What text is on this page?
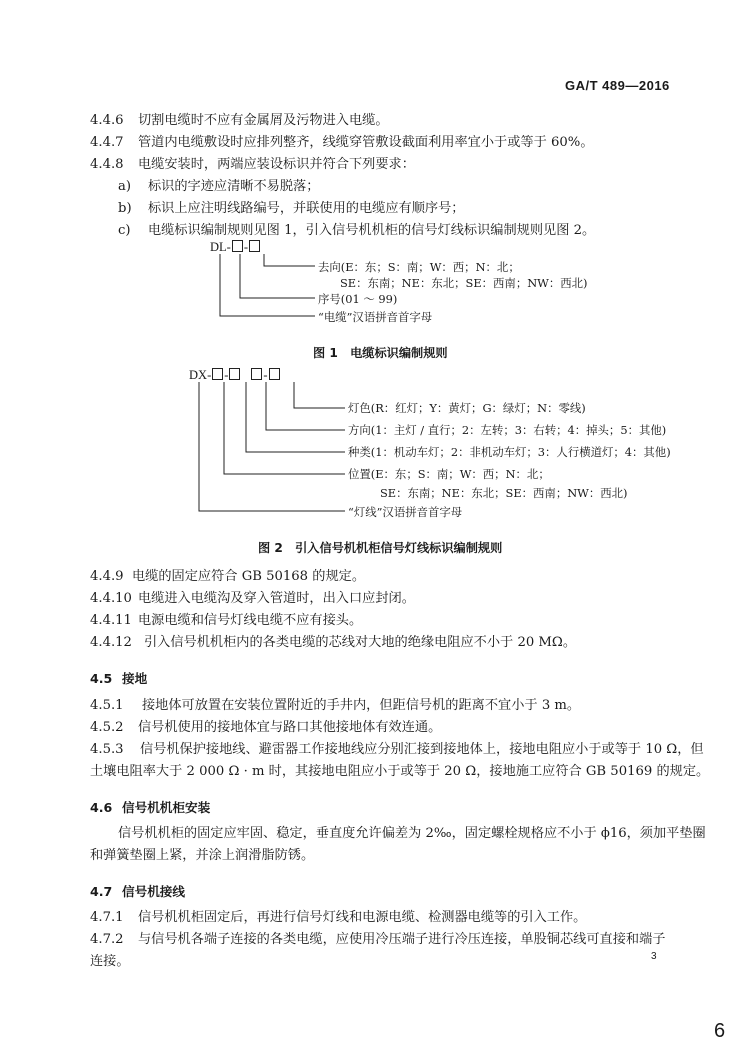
GA/T 489—2016
4.4.6 切割电缆时不应有金属屑及污物进入电缆。
4.4.7 管道内电缆敷设时应排列整齐，线缆穿管敷设截面利用率宜小于或等于 60%。
4.4.8 电缆安装时，两端应装设标识并符合下列要求：
a) 标识的字迹应清晰不易脱落；
b) 标识上应注明线路编号，并联使用的电缆应有顺序号；
c) 电缆标识编制规则见图 1，引入信号机机柜的信号灯线标识编制规则见图 2。
DL- -
去向(E：东；S：南；W：西；N：北；
SE：东南；NE：东北；SE：西南；NW：西北)
序号(01 ～ 99)
“电缆”汉语拼音首字母
图 1　电缆标识编制规则
DX- -	-
灯色(R：红灯；Y：黄灯；G：绿灯；N：零线)
方向(1：主灯 / 直行；2：左转；3：右转；4：掉头；5：其他)
种类(1：机动车灯；2：非机动车灯；3：人行横道灯；4：其他)
位置(E：东；S：南；W：西；N：北；
SE：东南；NE：东北；SE：西南；NW：西北)
“灯线”汉语拼音首字母
图 2　引入信号机机柜信号灯线标识编制规则
4.4.9 电缆的固定应符合 GB 50168 的规定。
4.4.10 电缆进入电缆沟及穿入管道时，出入口应封闭。
4.4.11 电源电缆和信号灯线电缆不应有接头。
4.4.12 引入信号机机柜内的各类电缆的芯线对大地的绝缘电阻应不小于 20 MΩ。
4.5 接地
4.5.1 接地体可放置在安装位置附近的手井内，但距信号机的距离不宜小于 3 m。
4.5.2 信号机使用的接地体宜与路口其他接地体有效连通。
4.5.3 信号机保护接地线、避雷器工作接地线应分别汇接到接地体上，接地电阻应小于或等于 10 Ω，但
土壤电阻率大于 2 000 Ω · m 时，其接地电阻应小于或等于 20 Ω，接地施工应符合 GB 50169 的规定。
4.6 信号机机柜安装
信号机机柜的固定应牢固、稳定，垂直度允许偏差为 2‰，固定螺栓规格应不小于 ϕ16，须加平垫圈
和弹簧垫圈上紧，并涂上润滑脂防锈。
4.7 信号机接线
4.7.1 信号机机柜固定后，再进行信号灯线和电源电缆、检测器电缆等的引入工作。
4.7.2 与信号机各端子连接的各类电缆，应使用冷压端子进行冷压连接，单股铜芯线可直接和端子
连接。	3
6
